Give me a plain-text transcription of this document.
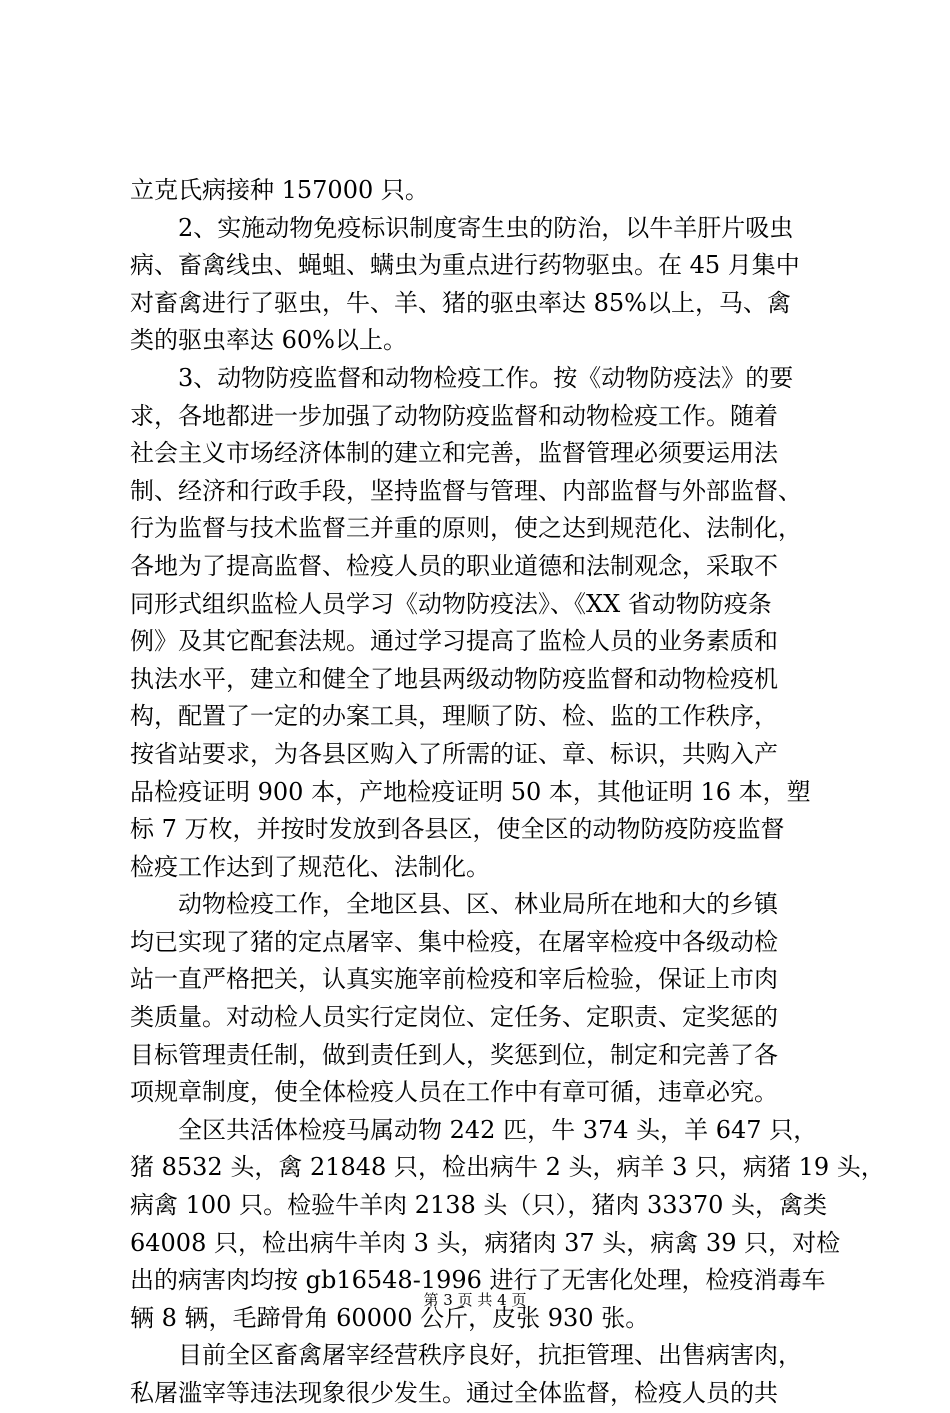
立克氏病接种 157000 只。
　　2、实施动物免疫标识制度寄生虫的防治，以牛羊肝片吸虫
病、畜禽线虫、蝇蛆、螨虫为重点进行药物驱虫。在 45 月集中
对畜禽进行了驱虫，牛、羊、猪的驱虫率达 85%以上，马、禽
类的驱虫率达 60%以上。
　　3、动物防疫监督和动物检疫工作。按《动物防疫法》的要
求，各地都进一步加强了动物防疫监督和动物检疫工作。随着
社会主义市场经济体制的建立和完善，监督管理必须要运用法
制、经济和行政手段，坚持监督与管理、内部监督与外部监督、
行为监督与技术监督三并重的原则，使之达到规范化、法制化，
各地为了提高监督、检疫人员的职业道德和法制观念，采取不
同形式组织监检人员学习《动物防疫法》、《XX 省动物防疫条
例》及其它配套法规。通过学习提高了监检人员的业务素质和
执法水平，建立和健全了地县两级动物防疫监督和动物检疫机
构，配置了一定的办案工具，理顺了防、检、监的工作秩序，
按省站要求，为各县区购入了所需的证、章、标识，共购入产
品检疫证明 900 本，产地检疫证明 50 本，其他证明 16 本，塑
标 7 万枚，并按时发放到各县区，使全区的动物防疫防疫监督
检疫工作达到了规范化、法制化。
　　动物检疫工作，全地区县、区、林业局所在地和大的乡镇
均已实现了猪的定点屠宰、集中检疫，在屠宰检疫中各级动检
站一直严格把关，认真实施宰前检疫和宰后检验，保证上市肉
类质量。对动检人员实行定岗位、定任务、定职责、定奖惩的
目标管理责任制，做到责任到人，奖惩到位，制定和完善了各
项规章制度，使全体检疫人员在工作中有章可循，违章必究。
　　全区共活体检疫马属动物 242 匹，牛 374 头，羊 647 只，
猪 8532 头，禽 21848 只，检出病牛 2 头，病羊 3 只，病猪 19 头，
病禽 100 只。检验牛羊肉 2138 头（只），猪肉 33370 头，禽类
64008 只，检出病牛羊肉 3 头，病猪肉 37 头，病禽 39 只，对检
出的病害肉均按 gb16548-1996 进行了无害化处理，检疫消毒车
辆 8 辆，毛蹄骨角 60000 公斤，皮张 930 张。
　　目前全区畜禽屠宰经营秩序良好，抗拒管理、出售病害肉，
私屠滥宰等违法现象很少发生。通过全体监督，检疫人员的共
第 3 页 共 4 页
